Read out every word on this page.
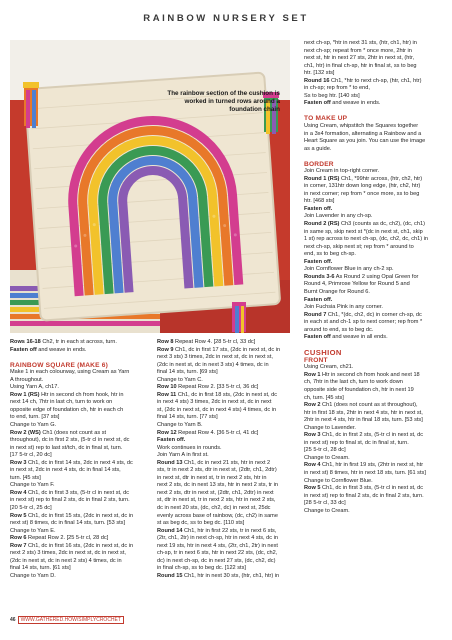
RAINBOW NURSERY SET
The rainbow section of the cushion is worked in turned rows around a foundation chain

Rows 16-18 Ch2, tr in each st across, turn.

Fasten off and weave in ends.

RAINBOW SQUARE (MAKE 6)

Make 1 in each colourway, using Cream as Yarn

A throughout.

Using Yarn A, ch17.

Row 1 (RS) Htr in second ch from hook, htr in

next 14 ch, 7htr in last ch, turn to work on

opposite edge of foundation ch, htr in each ch

to end, turn. [37 sts]

Change to Yarn G.

Row 2 (WS) Ch1 (does not count as st

throughout), dc in first 2 sts, (5-tr cl in next st, dc

in next st) rep to last st/tch, dc in final st, turn.

[17 5-tr cl, 20 dc]

Row 3 Ch1, dc in first 14 sts, 2dc in next 4 sts, dc

in next st, 2dc in next 4 sts, dc in final 14 sts,

turn. [45 sts]

Change to Yarn F.

Row 4 Ch1, dc in first 3 sts, (5-tr cl in next st, dc

in next st) rep to final 2 sts, dc in final 2 sts, turn.

[20 5-tr cl, 25 dc]

Row 5 Ch1, dc in first 15 sts, (2dc in next st, dc in

next st) 8 times, dc in final 14 sts, turn. [53 sts]

Change to Yarn E.

Row 6 Repeat Row 2. [25 5-tr cl, 28 dc]

Row 7 Ch1, dc in first 16 sts, (2dc in next st, dc in

next 2 sts) 3 times, 2dc in next st, dc in next st,

(2dc in next st, dc in next 2 sts) 4 times, dc in

final 14 sts, turn. [61 sts]

Change to Yarn D.

Row 8 Repeat Row 4. [28 5-tr cl, 33 dc]

Row 9 Ch1, dc in first 17 sts, (2dc in next st, dc in

next 3 sts) 3 times, 2dc in next st, dc in next st,

(2dc in next st, dc in next 3 sts) 4 times, dc in

final 14 sts, turn. [69 sts]

Change to Yarn C.

Row 10 Repeat Row 2. [33 5-tr cl, 36 dc]

Row 11 Ch1, dc in first 18 sts, (2dc in next st, dc

in next 4 sts) 3 times, 2dc in next st, dc in next

st, (2dc in next st, dc in next 4 sts) 4 times, dc in

final 14 sts, turn. [77 sts]

Change to Yarn B.

Row 12 Repeat Row 4. [36 5-tr cl, 41 dc]

Fasten off.

Work continues in rounds.

Join Yarn A in first st.

Round 13 Ch1, dc in next 21 sts, htr in next 2

sts, tr in next 2 sts, dtr in next st, (2dtr, ch1, 2dtr)

in next st, dtr in next st, tr in next 2 sts, htr in

next 2 sts, dc in next 13 sts, htr in next 2 sts, tr in

next 2 sts, dtr in next st, (2dtr, ch1, 2dtr) in next

st, dtr in next st, tr in next 2 sts, htr in next 2 sts,

dc in next 20 sts, (dc, ch2, dc) in next st, 25dc

evenly across base of rainbow, (dc, ch2) in same

st as beg dc, ss to beg dc. [110 sts]

Round 14 Ch1, htr in first 22 sts, tr in next 6 sts,

(2tr, ch1, 2tr) in next ch-sp, htr in next 4 sts, dc in

next 19 sts, htr in next 4 sts, (2tr, ch1, 2tr) in next

ch-sp, tr in next 6 sts, htr in next 22 sts, (dc, ch2,

dc) in next ch-sp, dc in next 27 sts, (dc, ch2, dc)

in final ch-sp, ss to beg dc. [122 sts]

Round 15 Ch1, htr in next 30 sts, (htr, ch1, htr) in

next ch-sp, *htr in next 31 sts, (htr, ch1, htr) in

next ch-sp; repeat from * once more, 2htr in

next st, htr in next 27 sts, 2htr in next st, (htr,

ch1, htr) in final ch-sp, htr in final st, ss to beg

htr. [132 sts]

Round 16 Ch1, *htr to next ch-sp, (htr, ch1, htr)

in ch-sp; rep from * to end,

Ss to beg htr. [140 sts]

Fasten off and weave in ends.

TO MAKE UP

Using Cream, whipstitch the Squares together

in a 3x4 formation, alternating a Rainbow and a

Heart Square as you join. You can use the image

as a guide.

BORDER

Join Cream in top-right corner.

Round 1 (RS) Ch1, *99htr across, (htr, ch2, htr)

in corner, 131htr down long edge, (htr, ch2, htr)

in next corner; rep from * once more, ss to beg

htr. [468 sts]

Fasten off.

Join Lavender in any ch-sp.

Round 2 (RS) Ch3 (counts as dc, ch2), (dc, ch1)

in same sp, skip next st *(dc in next st, ch1, skip

1 st) rep across to next ch-sp, (dc, ch2, dc, ch1) in

next ch-sp, skip next st; rep from * around to

end, ss to beg ch-sp.

Fasten off.

Join Cornflower Blue in any ch-2 sp.

Rounds 3-6 As Round 2 using Opal Green for

Round 4, Primrose Yellow for Round 5 and

Burnt Orange for Round 6.

Fasten off.

Join Fuchsia Pink in any corner.

Round 7 Ch1, *(dc, ch2, dc) in corner ch-sp, dc

in each st and ch-1 sp to next corner; rep from *

around to end, ss to beg dc.

Fasten off and weave in all ends.

CUSHION

FRONT

Using Cream, ch21.

Row 1 Htr in second ch from hook and next 18

ch, 7htr in the last ch, turn to work down

opposite side of foundation ch, htr in next 19

ch, turn. [45 sts]

Row 2 Ch1 (does not count as st throughout),

htr in first 18 sts, 2htr in next 4 sts, htr in next st,

2htr in next 4 sts, htr in final 18 sts, turn. [53 sts]

Change to Lavender.

Row 3 Ch1, dc in first 2 sts, (5-tr cl in next st, dc

in next st) rep to final st, dc in final st, turn.

[25 5-tr cl, 28 dc]

Change to Cream.

Row 4 Ch1, htr in first 19 sts, (2htr in next st, htr

in next st) 8 times, htr in next 18 sts, turn. [61 sts]

Change to Cornflower Blue.

Row 5 Ch1, dc in first 3 sts, (5-tr cl in next st, dc

in next st) rep to final 2 sts, dc in final 2 sts, turn.

[28 5-tr cl, 33 dc]

Change to Cream.

46 WWW.GATHERED.HOW/SIMPLYCROCHET
